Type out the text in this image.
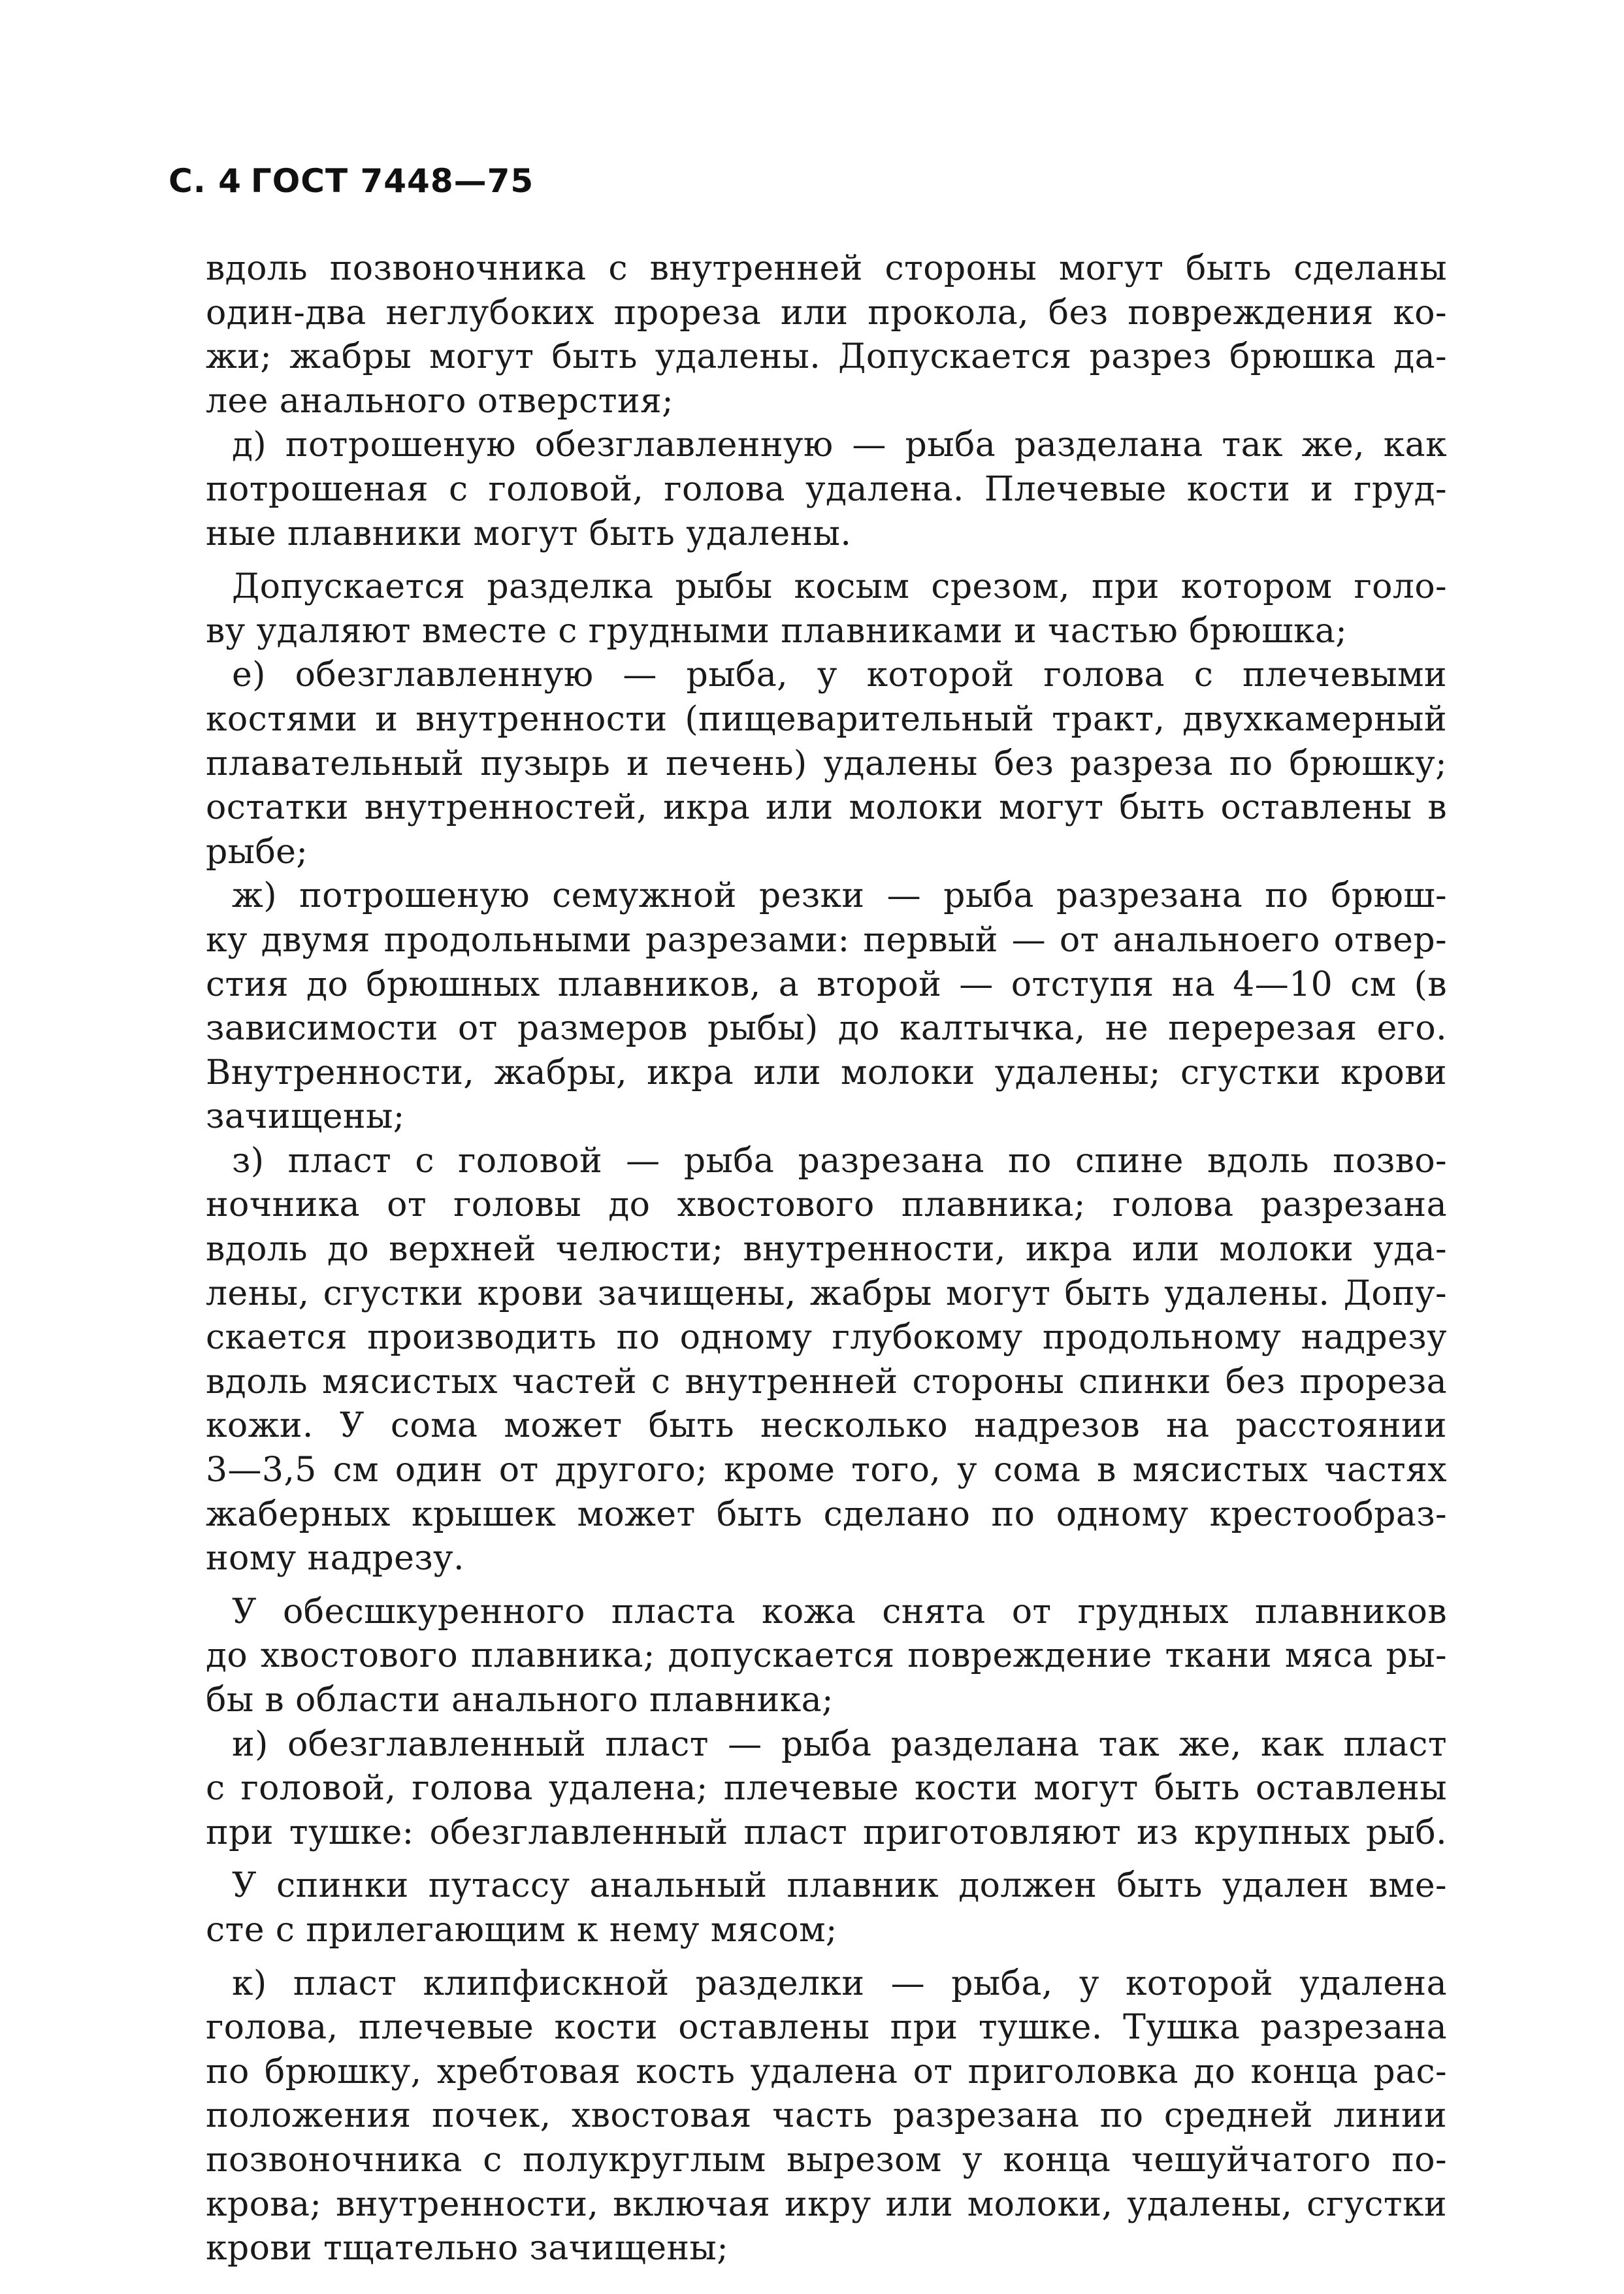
С. 4 ГОСТ 7448—75
вдоль позвоночника с внутренней стороны могут быть сделаны
один-два неглубоких прореза или прокола, без повреждения ко-
жи; жабры могут быть удалены. Допускается разрез брюшка да-
лее анального отверстия;
д) потрошеную обезглавленную — рыба разделана так же, как
потрошеная с головой, голова удалена. Плечевые кости и груд-
ные плавники могут быть удалены.
Допускается разделка рыбы косым срезом, при котором голо-
ву удаляют вместе с грудными плавниками и частью брюшка;
е) обезглавленную — рыба, у которой голова с плечевыми
костями и внутренности (пищеварительный тракт, двухкамерный
плавательный пузырь и печень) удалены без разреза по брюшку;
остатки внутренностей, икра или молоки могут быть оставлены в
рыбе;
ж) потрошеную семужной резки — рыба разрезана по брюш-
ку двумя продольными разрезами: первый — от анальноего отвер-
стия до брюшных плавников, а второй — отступя на 4—10 см (в
зависимости от размеров рыбы) до калтычка, не перерезая его.
Внутренности, жабры, икра или молоки удалены; сгустки крови
зачищены;
з) пласт с головой — рыба разрезана по спине вдоль позво-
ночника от головы до хвостового плавника; голова разрезана
вдоль до верхней челюсти; внутренности, икра или молоки уда-
лены, сгустки крови зачищены, жабры могут быть удалены. Допу-
скается производить по одному глубокому продольному надрезу
вдоль мясистых частей с внутренней стороны спинки без прореза
кожи. У сома может быть несколько надрезов на расстоянии
3—3,5 см один от другого; кроме того, у сома в мясистых частях
жаберных крышек может быть сделано по одному крестообраз-
ному надрезу.
У обесшкуренного пласта кожа снята от грудных плавников
до хвостового плавника; допускается повреждение ткани мяса ры-
бы в области анального плавника;
и) обезглавленный пласт — рыба разделана так же, как пласт
с головой, голова удалена; плечевые кости могут быть оставлены
при тушке: обезглавленный пласт приготовляют из крупных рыб.
У спинки путассу анальный плавник должен быть удален вме-
сте с прилегающим к нему мясом;
к) пласт клипфискной разделки — рыба, у которой удалена
голова, плечевые кости оставлены при тушке. Тушка разрезана
по брюшку, хребтовая кость удалена от приголовка до конца рас-
положения почек, хвостовая часть разрезана по средней линии
позвоночника с полукруглым вырезом у конца чешуйчатого по-
крова; внутренности, включая икру или молоки, удалены, сгустки
крови тщательно зачищены;
